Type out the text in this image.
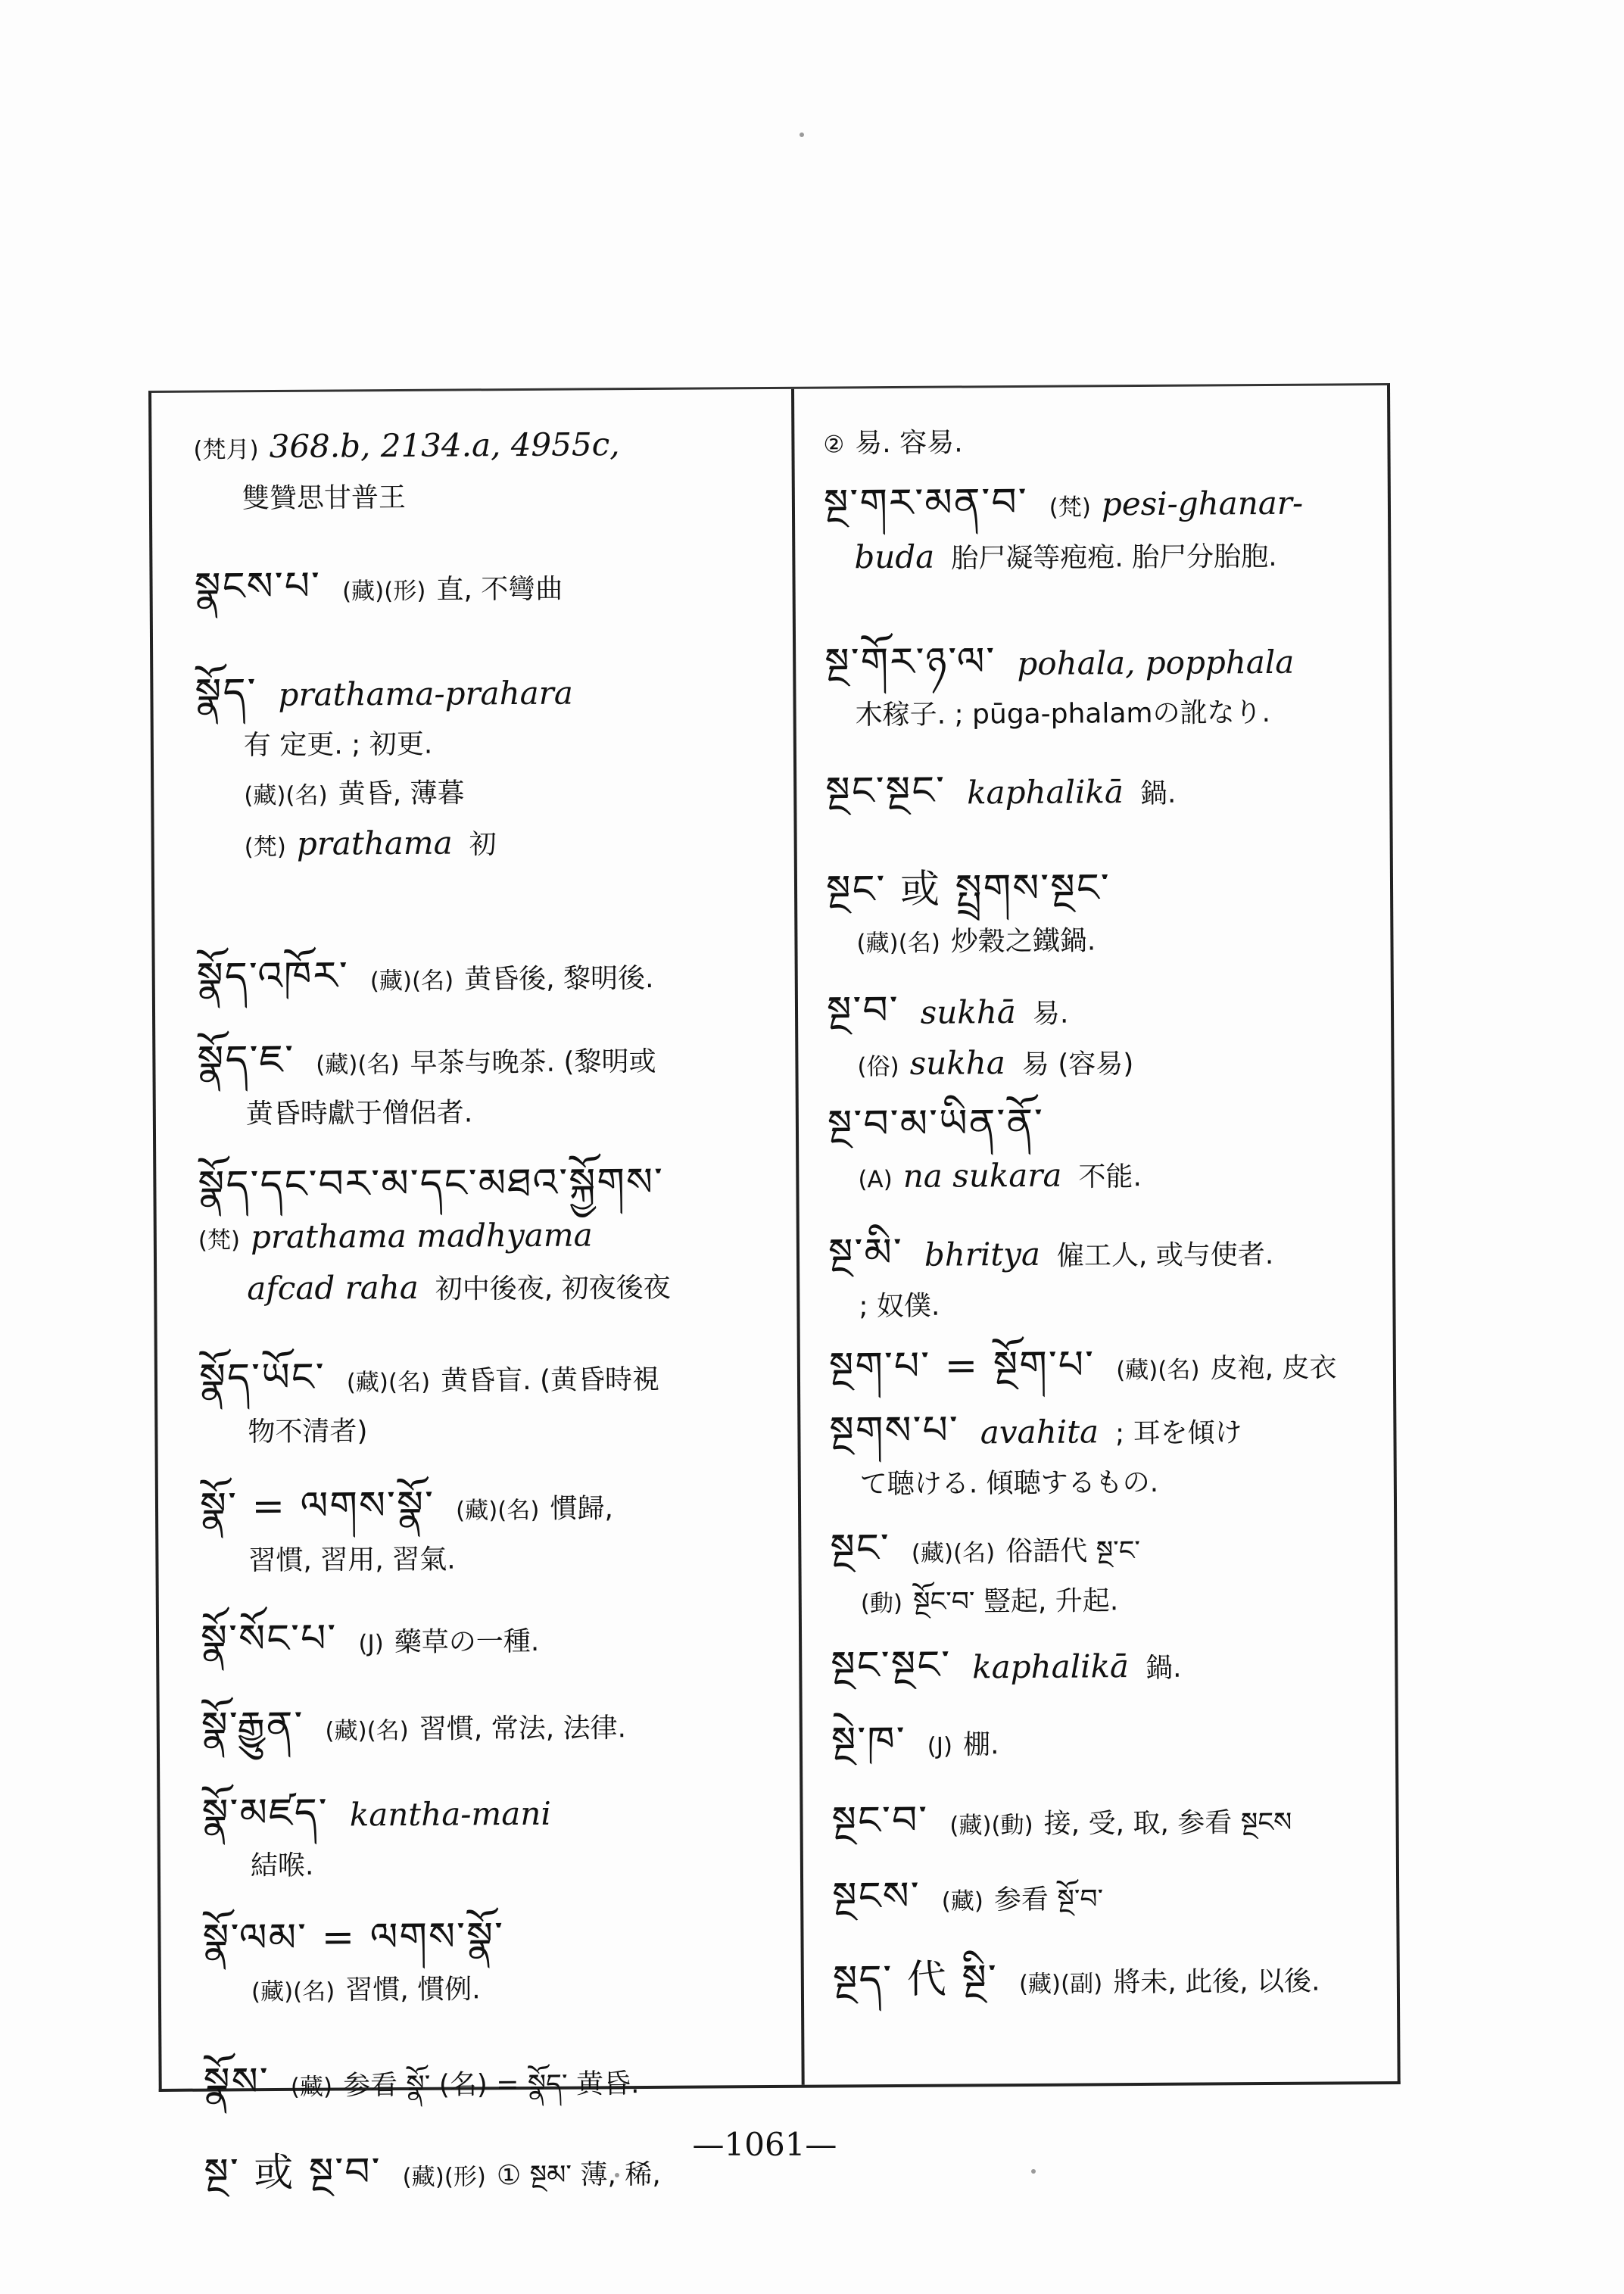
(梵月) 368.b, 2134.a, 4955c,
雙贊思甘普王
སྣངས་པ་ (藏)(形) 直, 不彎曲
སྣོད་ prathama-prahara
有 定更. ; 初更.
(藏)(名) 黄昏, 薄暮
(梵) prathama 初
སྣོད་འཁོར་ (藏)(名) 黄昏後, 黎明後.
སྣོད་ཇ་ (藏)(名) 早茶与晚茶. (黎明或
黄昏時獻于僧侶者.
སྣོད་དང་བར་མ་དང་མཐའ་སྐྱོགས་
(梵) prathama madhyama
afcad raha 初中後夜, 初夜後夜
སྣོད་ཡོང་ (藏)(名) 黄昏盲. (黄昏時視
物不清者)
སྣོ་ = ལགས་སྣོ་ (藏)(名) 慣歸,
習慣, 習用, 習氣.
སྣོ་སོང་པ་ (J) 藥草の一種.
སྣོ་རྒྱུན་ (藏)(名) 習慣, 常法, 法律.
སྣོ་མཛད་ kantha-mani
結喉.
སྣོ་ལམ་ = ལགས་སྣོ་
(藏)(名) 習慣, 慣例.
སྣོས་ (藏) 参看 སྣོ་ (名) = སྣོད་ 黄昏.
སྔ་ 或 སྔ་བ་ (藏)(形) ① སྔམ་ 薄, 稀,
② 易. 容易.
སྔ་གར་མན་བ་ (梵) pesi-ghanar-
buda 胎尸凝等疱疱. 胎尸分胎胞.
སྔ་གོར་ཉ་ལ་ pohala, popphala
木稼子. ; pūga-phalamの訛なり.
སྔང་སྔང་ kaphalikā 鍋.
སྔང་ 或 སྤྲགས་སྔང་
(藏)(名) 炒穀之鐵鍋.
སྔ་བ་ sukhā 易.
(俗) sukha 易 (容易)
སྔ་བ་མ་ཡིན་ནོ་
(A) na sukara 不能.
སྔ་མི་ bhritya 僱工人, 或与使者.
; 奴僕.
སྔག་པ་ = སྔོག་པ་ (藏)(名) 皮袍, 皮衣
སྔགས་པ་ avahita ; 耳を傾け
て聴ける. 傾聴するもの.
སྔང་ (藏)(名) 俗語代 སྔ་ང་
(動) སྔོང་བ་ 豎起, 升起.
སྔང་སྔང་ kaphalikā 鍋.
སྔེ་ཁ་ (J) 棚.
སྔང་བ་ (藏)(動) 接, 受, 取, 参看 སྔངས
སྔངས་ (藏) 参看 སྔོ་བ་
སྔད་ 代 སྔི་ (藏)(副) 將未, 此後, 以後.
—1061—
